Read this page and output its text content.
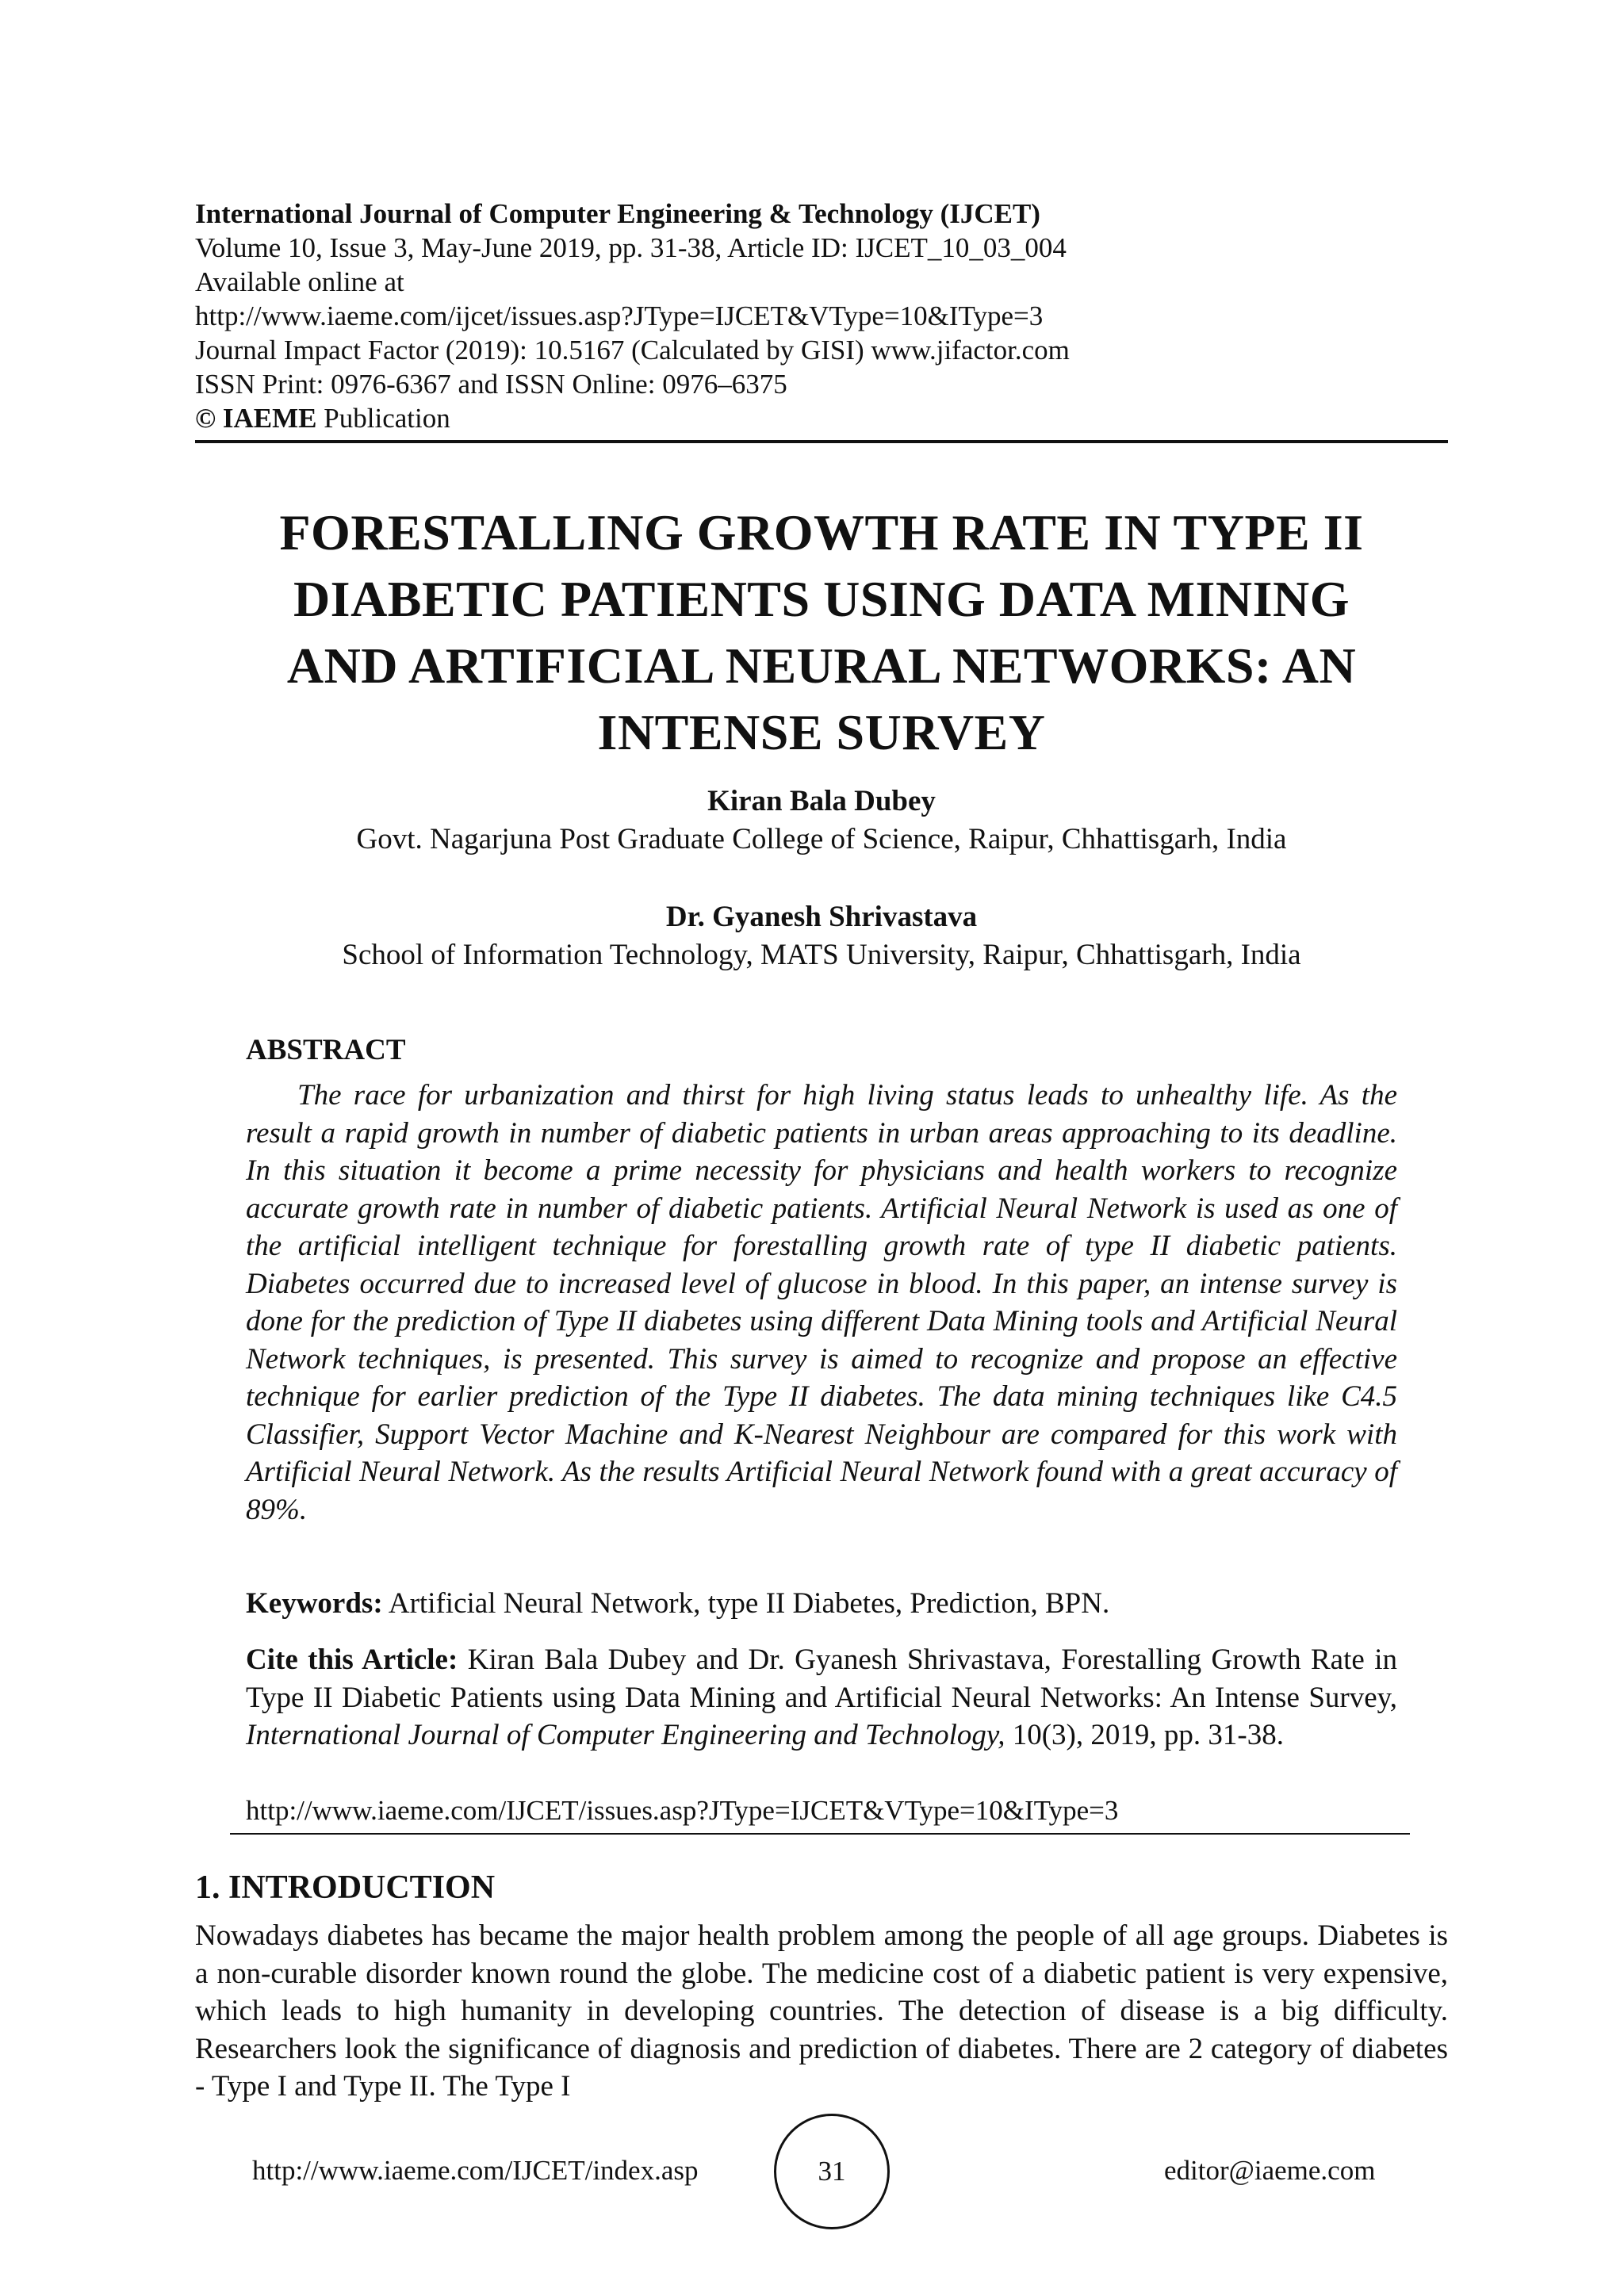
International Journal of Computer Engineering & Technology (IJCET)
Volume 10, Issue 3, May-June 2019, pp. 31-38, Article ID: IJCET_10_03_004
Available online at
http://www.iaeme.com/ijcet/issues.asp?JType=IJCET&VType=10&IType=3
Journal Impact Factor (2019): 10.5167 (Calculated by GISI) www.jifactor.com
ISSN Print: 0976-6367 and ISSN Online: 0976–6375
© IAEME Publication
FORESTALLING GROWTH RATE IN TYPE II
DIABETIC PATIENTS USING DATA MINING
AND ARTIFICIAL NEURAL NETWORKS: AN
INTENSE SURVEY
Kiran Bala Dubey
Govt. Nagarjuna Post Graduate College of Science, Raipur, Chhattisgarh, India
Dr. Gyanesh Shrivastava
School of Information Technology, MATS University, Raipur, Chhattisgarh, India
ABSTRACT
The race for urbanization and thirst for high living status leads to unhealthy life. As the result a rapid growth in number of diabetic patients in urban areas approaching to its deadline. In this situation it become a prime necessity for physicians and health workers to recognize accurate growth rate in number of diabetic patients. Artificial Neural Network is used as one of the artificial intelligent technique for forestalling growth rate of type II diabetic patients. Diabetes occurred due to increased level of glucose in blood. In this paper, an intense survey is done for the prediction of Type II diabetes using different Data Mining tools and Artificial Neural Network techniques, is presented. This survey is aimed to recognize and propose an effective technique for earlier prediction of the Type II diabetes. The data mining techniques like C4.5 Classifier, Support Vector Machine and K-Nearest Neighbour are compared for this work with Artificial Neural Network. As the results Artificial Neural Network found with a great accuracy of 89%.
Keywords: Artificial Neural Network, type II Diabetes, Prediction, BPN.
Cite this Article: Kiran Bala Dubey and Dr. Gyanesh Shrivastava, Forestalling Growth Rate in Type II Diabetic Patients using Data Mining and Artificial Neural Networks: An Intense Survey, International Journal of Computer Engineering and Technology, 10(3), 2019, pp. 31-38.
http://www.iaeme.com/IJCET/issues.asp?JType=IJCET&VType=10&IType=3
1. INTRODUCTION
Nowadays diabetes has became the major health problem among the people of all age groups. Diabetes is a non-curable disorder known round the globe. The medicine cost of a diabetic patient is very expensive, which leads to high humanity in developing countries. The detection of disease is a big difficulty. Researchers look the significance of diagnosis and prediction of diabetes. There are 2 category of diabetes - Type I and Type II. The Type I
http://www.iaeme.com/IJCET/index.asp	31	editor@iaeme.com
